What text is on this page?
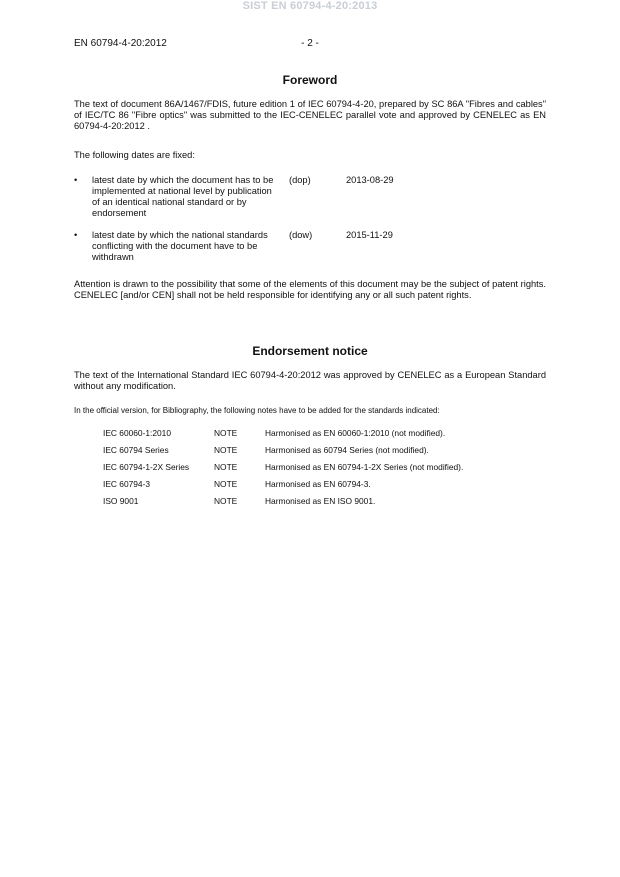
SIST EN 60794-4-20:2013
EN 60794-4-20:2012	- 2 -
Foreword
The text of document 86A/1467/FDIS, future edition 1 of IEC 60794-4-20, prepared by SC 86A "Fibres and cables" of IEC/TC 86 "Fibre optics" was submitted to the IEC-CENELEC parallel vote and approved by CENELEC as EN 60794-4-20:2012 .
The following dates are fixed:
• latest date by which the document has to be implemented at national level by publication of an identical national standard or by endorsement
(dop)	2013-08-29
• latest date by which the national standards conflicting with the document have to be withdrawn
(dow)	2015-11-29
Attention is drawn to the possibility that some of the elements of this document may be the subject of patent rights. CENELEC [and/or CEN] shall not be held responsible for identifying any or all such patent rights.
Endorsement notice
The text of the International Standard IEC 60794-4-20:2012 was approved by CENELEC as a European Standard without any modification.
In the official version, for Bibliography, the following notes have to be added for the standards indicated:
IEC 60060-1:2010	NOTE	Harmonised as EN 60060-1:2010 (not modified).
IEC 60794 Series	NOTE	Harmonised as 60794 Series (not modified).
IEC 60794-1-2X Series	NOTE	Harmonised as EN 60794-1-2X Series (not modified).
IEC 60794-3	NOTE	Harmonised as EN 60794-3.
ISO 9001	NOTE	Harmonised as EN ISO 9001.
